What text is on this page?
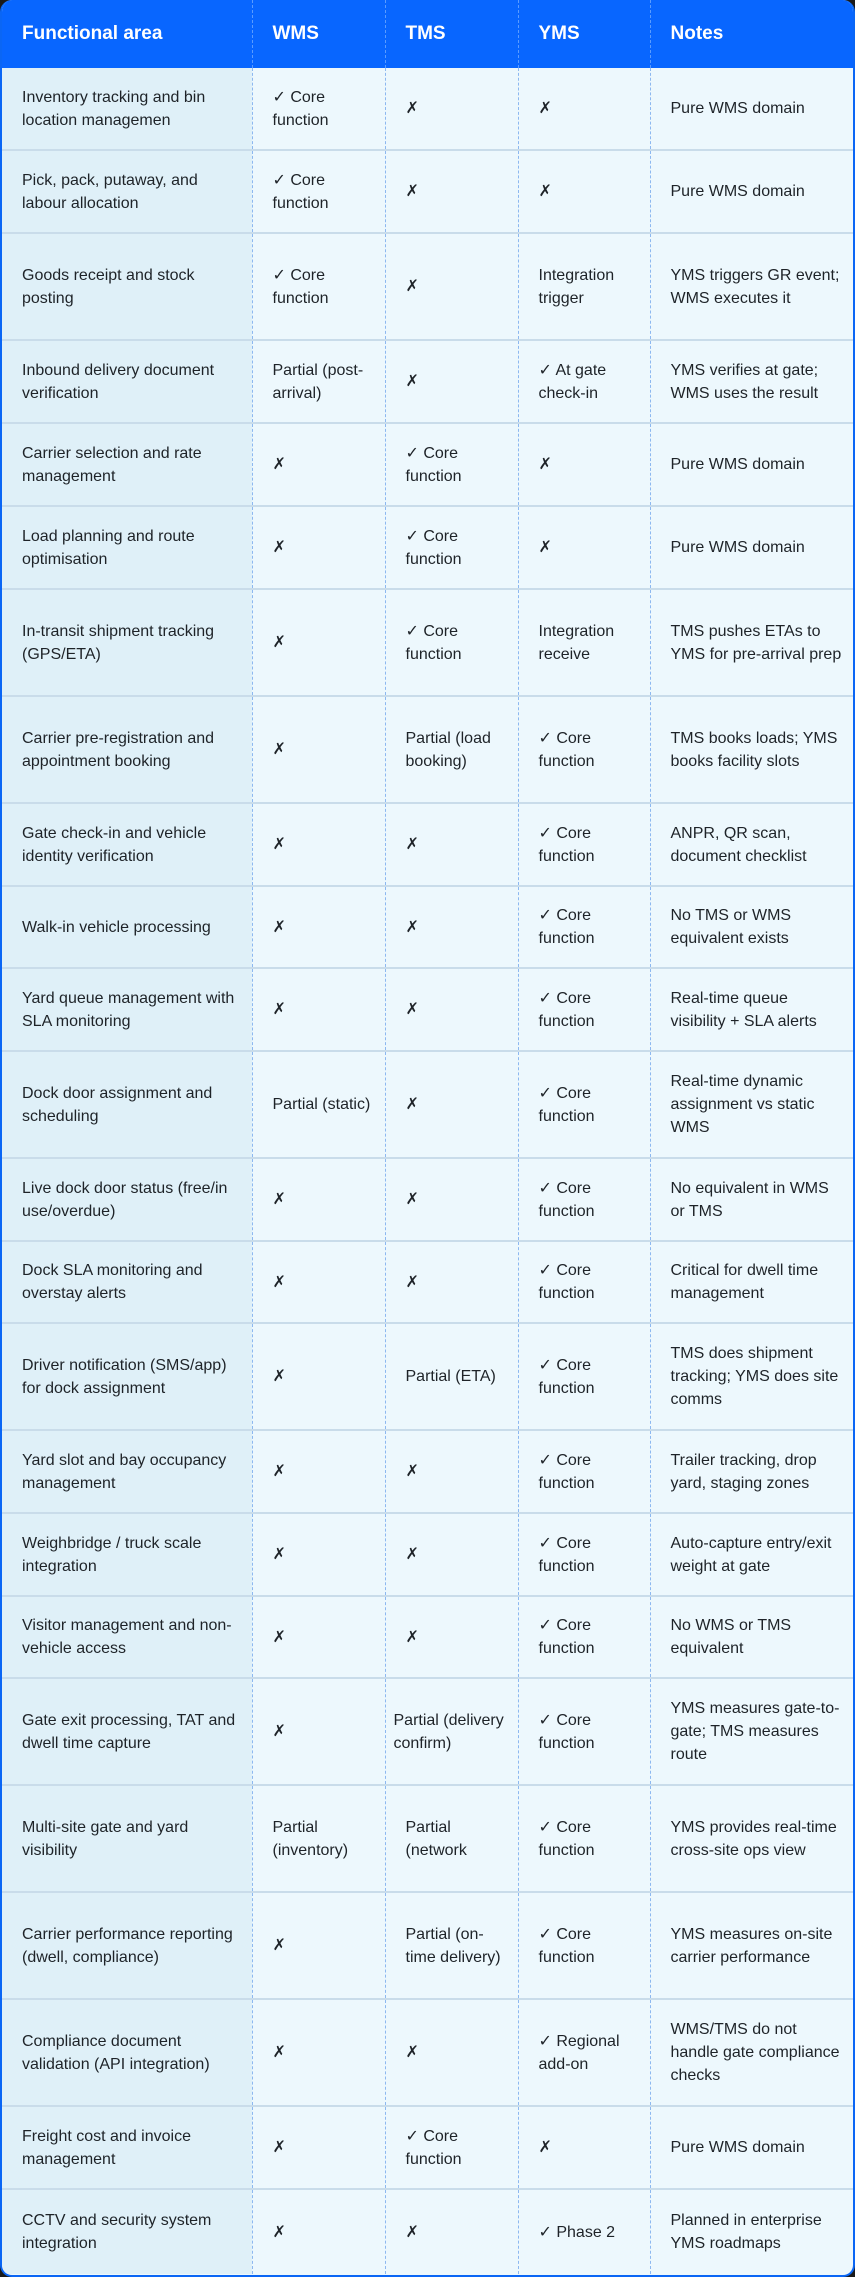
Functional area	WMS	TMS	YMS	Notes
Inventory tracking and bin location managemen	✓ Core function	✗	✗	Pure WMS domain
Pick, pack, putaway, and labour allocation	✓ Core function	✗	✗	Pure WMS domain
Goods receipt and stock posting	✓ Core function	✗	Integration trigger	YMS triggers GR event; WMS executes it
Inbound delivery document verification	Partial (post-arrival)	✗	✓ At gate check-in	YMS verifies at gate; WMS uses the result
Carrier selection and rate management	✗	✓ Core function	✗	Pure WMS domain
Load planning and route optimisation	✗	✓ Core function	✗	Pure WMS domain
In-transit shipment tracking (GPS/ETA)	✗	✓ Core function	Integration receive	TMS pushes ETAs to YMS for pre-arrival prep
Carrier pre-registration and appointment booking	✗	Partial (load booking)	✓ Core function	TMS books loads; YMS books facility slots
Gate check-in and vehicle identity verification	✗	✗	✓ Core function	ANPR, QR scan, document checklist
Walk-in vehicle processing	✗	✗	✓ Core function	No TMS or WMS equivalent exists
Yard queue management with SLA monitoring	✗	✗	✓ Core function	Real-time queue visibility + SLA alerts
Dock door assignment and scheduling	Partial (static)	✗	✓ Core function	Real-time dynamic assignment vs static WMS
Live dock door status (free/in use/overdue)	✗	✗	✓ Core function	No equivalent in WMS or TMS
Dock SLA monitoring and overstay alerts	✗	✗	✓ Core function	Critical for dwell time management
Driver notification (SMS/app) for dock assignment	✗	Partial (ETA)	✓ Core function	TMS does shipment tracking; YMS does site comms
Yard slot and bay occupancy management	✗	✗	✓ Core function	Trailer tracking, drop yard, staging zones
Weighbridge / truck scale integration	✗	✗	✓ Core function	Auto-capture entry/exit weight at gate
Visitor management and non-vehicle access	✗	✗	✓ Core function	No WMS or TMS equivalent
Gate exit processing, TAT and dwell time capture	✗	Partial (delivery confirm)	✓ Core function	YMS measures gate-to-gate; TMS measures route
Multi-site gate and yard visibility	Partial (inventory)	Partial (network	✓ Core function	YMS provides real-time cross-site ops view
Carrier performance reporting (dwell, compliance)	✗	Partial (on-time delivery)	✓ Core function	YMS measures on-site carrier performance
Compliance document validation (API integration)	✗	✗	✓ Regional add-on	WMS/TMS do not handle gate compliance checks
Freight cost and invoice management	✗	✓ Core function	✗	Pure WMS domain
CCTV and security system integration	✗	✗	✓ Phase 2	Planned in enterprise YMS roadmaps
